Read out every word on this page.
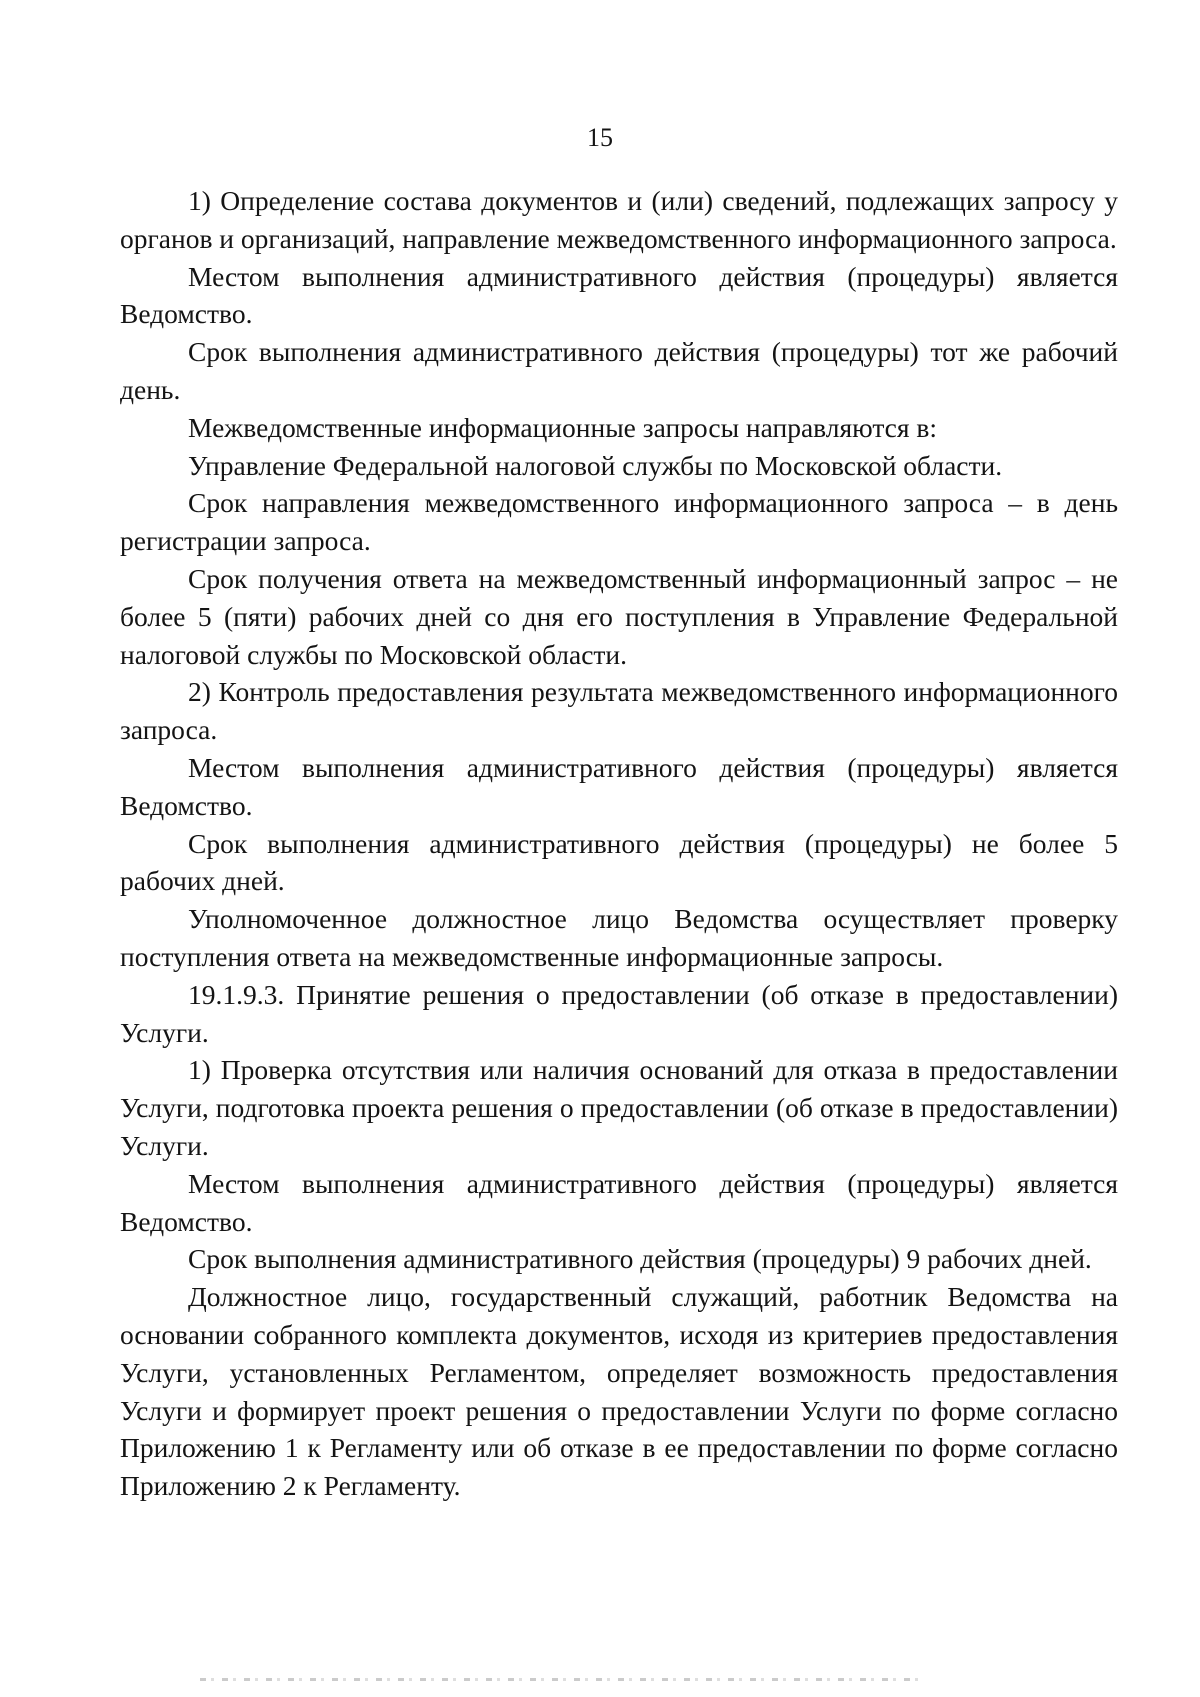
15

1) Определение состава документов и (или) сведений, подлежащих запросу у органов и организаций, направление межведомственного информационного запроса.

Местом выполнения административного действия (процедуры) является Ведомство.

Срок выполнения административного действия (процедуры) тот же рабочий день.

Межведомственные информационные запросы направляются в:

Управление Федеральной налоговой службы по Московской области.

Срок направления межведомственного информационного запроса – в день регистрации запроса.

Срок получения ответа на межведомственный информационный запрос – не более 5 (пяти) рабочих дней со дня его поступления в Управление Федеральной налоговой службы по Московской области.

2) Контроль предоставления результата межведомственного информационного запроса.

Местом выполнения административного действия (процедуры) является Ведомство.

Срок выполнения административного действия (процедуры) не более 5 рабочих дней.

Уполномоченное должностное лицо Ведомства осуществляет проверку поступления ответа на межведомственные информационные запросы.

19.1.9.3. Принятие решения о предоставлении (об отказе в предоставлении) Услуги.

1) Проверка отсутствия или наличия оснований для отказа в предоставлении Услуги, подготовка проекта решения о предоставлении (об отказе в предоставлении) Услуги.

Местом выполнения административного действия (процедуры) является Ведомство.

Срок выполнения административного действия (процедуры) 9 рабочих дней.

Должностное лицо, государственный служащий, работник Ведомства на основании собранного комплекта документов, исходя из критериев предоставления Услуги, установленных Регламентом, определяет возможность предоставления Услуги и формирует проект решения о предоставлении Услуги по форме согласно Приложению 1 к Регламенту или об отказе в ее предоставлении по форме согласно Приложению 2 к Регламенту.
